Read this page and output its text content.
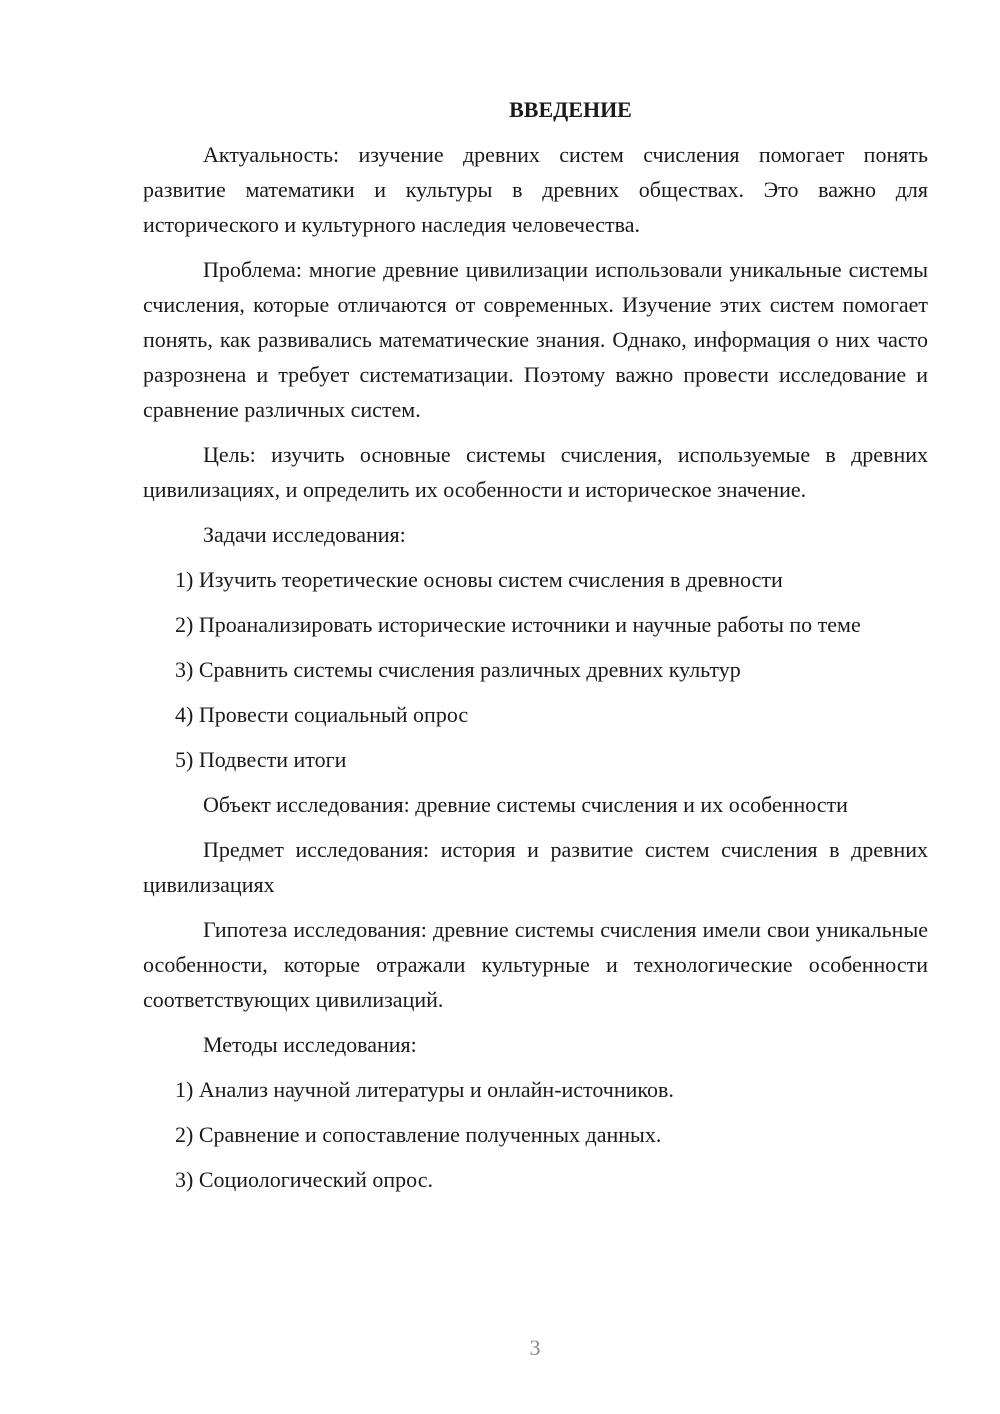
ВВЕДЕНИЕ

Актуальность: изучение древних систем счисления помогает понять развитие математики и культуры в древних обществах. Это важно для исторического и культурного наследия человечества.

Проблема: многие древние цивилизации использовали уникальные системы счисления, которые отличаются от современных. Изучение этих систем помогает понять, как развивались математические знания. Однако, информация о них часто разрозненa и требует систематизации. Поэтому важно провести исследование и сравнение различных систем.

Цель: изучить основные системы счисления, используемые в древних цивилизациях, и определить их особенности и историческое значение.

Задачи исследования:

1) Изучить теоретические основы систем счисления в древности

2) Проанализировать исторические источники и научные работы по теме

3) Сравнить системы счисления различных древних культур

4) Провести социальный опрос

5) Подвести итоги

Объект исследования: древние системы счисления и их особенности

Предмет исследования: история и развитие систем счисления в древних цивилизациях

Гипотеза исследования: древние системы счисления имели свои уникальные особенности, которые отражали культурные и технологические особенности соответствующих цивилизаций.

Методы исследования:

1) Анализ научной литературы и онлайн-источников.

2) Сравнение и сопоставление полученных данных.

3) Социологический опрос.

3
